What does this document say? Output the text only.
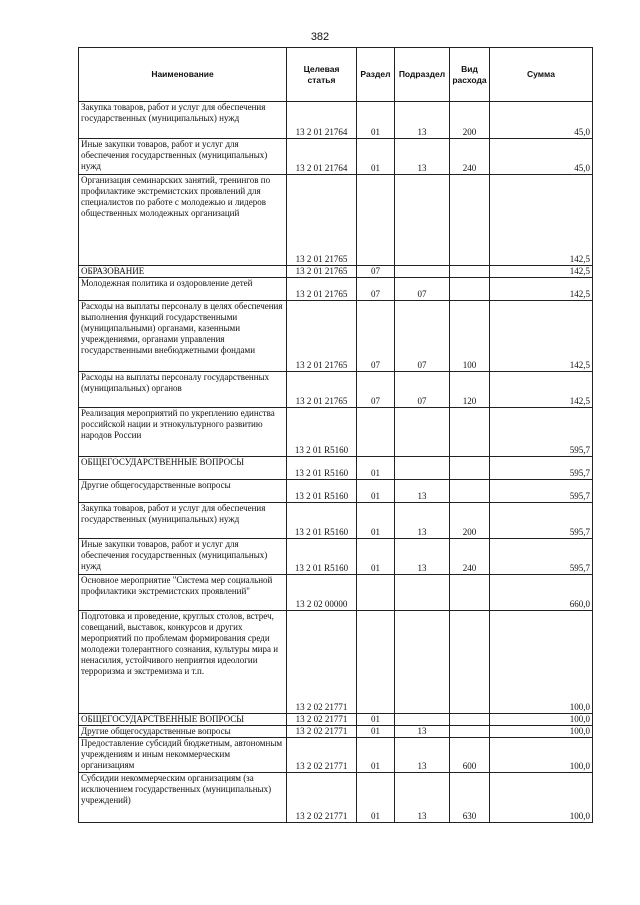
382
Наименование	Целевая статья	Раздел	Подраздел	Вид расхода	Сумма
Закупка товаров, работ и услуг для обеспечения государственных (муниципальных) нужд	13 2 01 21764	01	13	200	45,0
Иные закупки товаров, работ и услуг для обеспечения государственных (муниципальных) нужд	13 2 01 21764	01	13	240	45,0
Организация семинарских занятий, тренингов по профилактике экстремистских проявлений для специалистов по работе с молодежью и лидеров общественных молодежных организаций	13 2 01 21765				142,5
ОБРАЗОВАНИЕ	13 2 01 21765	07			142,5
Молодежная политика и оздоровление детей	13 2 01 21765	07	07		142,5
Расходы на выплаты персоналу в целях обеспечения выполнения функций государственными (муниципальными) органами, казенными учреждениями, органами управления государственными внебюджетными фондами	13 2 01 21765	07	07	100	142,5
Расходы на выплаты персоналу государственных (муниципальных) органов	13 2 01 21765	07	07	120	142,5
Реализация мероприятий по укреплению единства российской нации и этнокультурного развитию народов России	13 2 01 R5160				595,7
ОБЩЕГОСУДАРСТВЕННЫЕ ВОПРОСЫ	13 2 01 R5160	01			595,7
Другие общегосударственные вопросы	13 2 01 R5160	01	13		595,7
Закупка товаров, работ и услуг для обеспечения государственных (муниципальных) нужд	13 2 01 R5160	01	13	200	595,7
Иные закупки товаров, работ и услуг для обеспечения государственных (муниципальных) нужд	13 2 01 R5160	01	13	240	595,7
Основное мероприятие "Система мер социальной профилактики экстремистских проявлений"	13 2 02 00000				660,0
Подготовка и проведение, круглых столов, встреч, совещаний, выставок, конкурсов и других мероприятий по проблемам формирования среди молодежи толерантного сознания, культуры мира и ненасилия, устойчивого неприятия идеологии терроризма и экстремизма и т.п.	13 2 02 21771				100,0
ОБЩЕГОСУДАРСТВЕННЫЕ ВОПРОСЫ	13 2 02 21771	01			100,0
Другие общегосударственные вопросы	13 2 02 21771	01	13		100,0
Предоставление субсидий бюджетным, автономным учреждениям и иным некоммерческим организациям	13 2 02 21771	01	13	600	100,0
Субсидии некоммерческим организациям (за исключением государственных (муниципальных) учреждений)	13 2 02 21771	01	13	630	100,0
